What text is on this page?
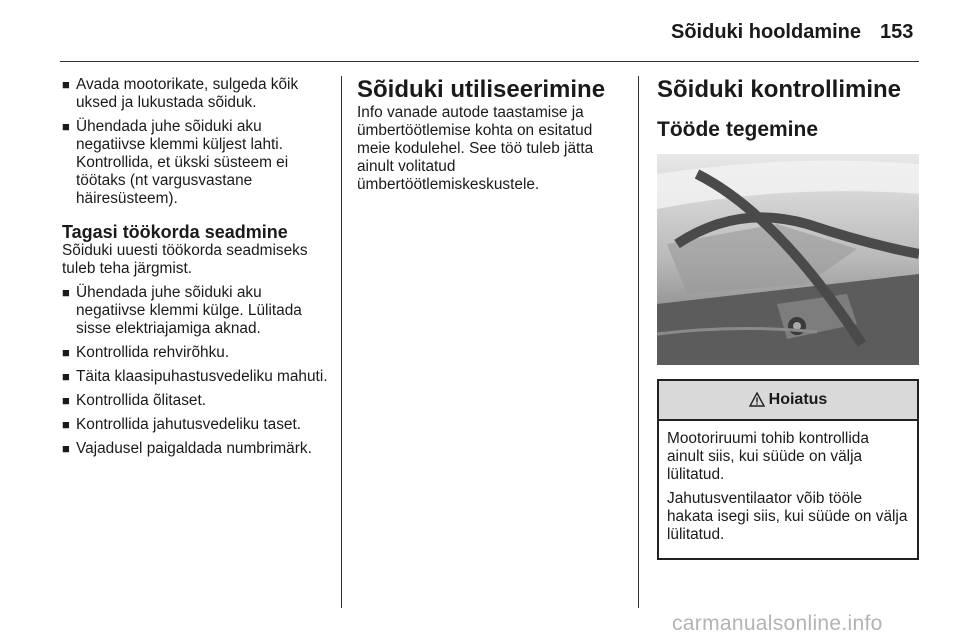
Sõiduki hooldamine 153
■ Avada mootorikate, sulgeda kõik uksed ja lukustada sõiduk.
■ Ühendada juhe sõiduki aku negatiivse klemmi küljest lahti. Kontrollida, et ükski süsteem ei töötaks (nt vargusvastane häiresüsteem).
Tagasi töökorda seadmine

Sõiduki uuesti töökorda seadmiseks tuleb teha järgmist.

■ Ühendada juhe sõiduki aku negatiivse klemmi külge. Lülitada sisse elektriajamiga aknad.
■ Kontrollida rehvirõhku.
■ Täita klaasipuhastusvedeliku mahuti.
■ Kontrollida õlitaset.
■ Kontrollida jahutusvedeliku taset.
■ Vajadusel paigaldada numbrimärk.
Sõiduki utiliseerimine

Info vanade autode taastamise ja ümbertöötlemise kohta on esitatud meie kodulehel. See töö tuleb jätta ainult volitatud ümbertöötlemiskeskustele.

Sõiduki kontrollimine
Tööde tegemine
Hoiatus

Mootoriruumi tohib kontrollida ainult siis, kui süüde on välja lülitatud.

Jahutusventilaator võib tööle hakata isegi siis, kui süüde on välja lülitatud.

carmanualsonline.info
